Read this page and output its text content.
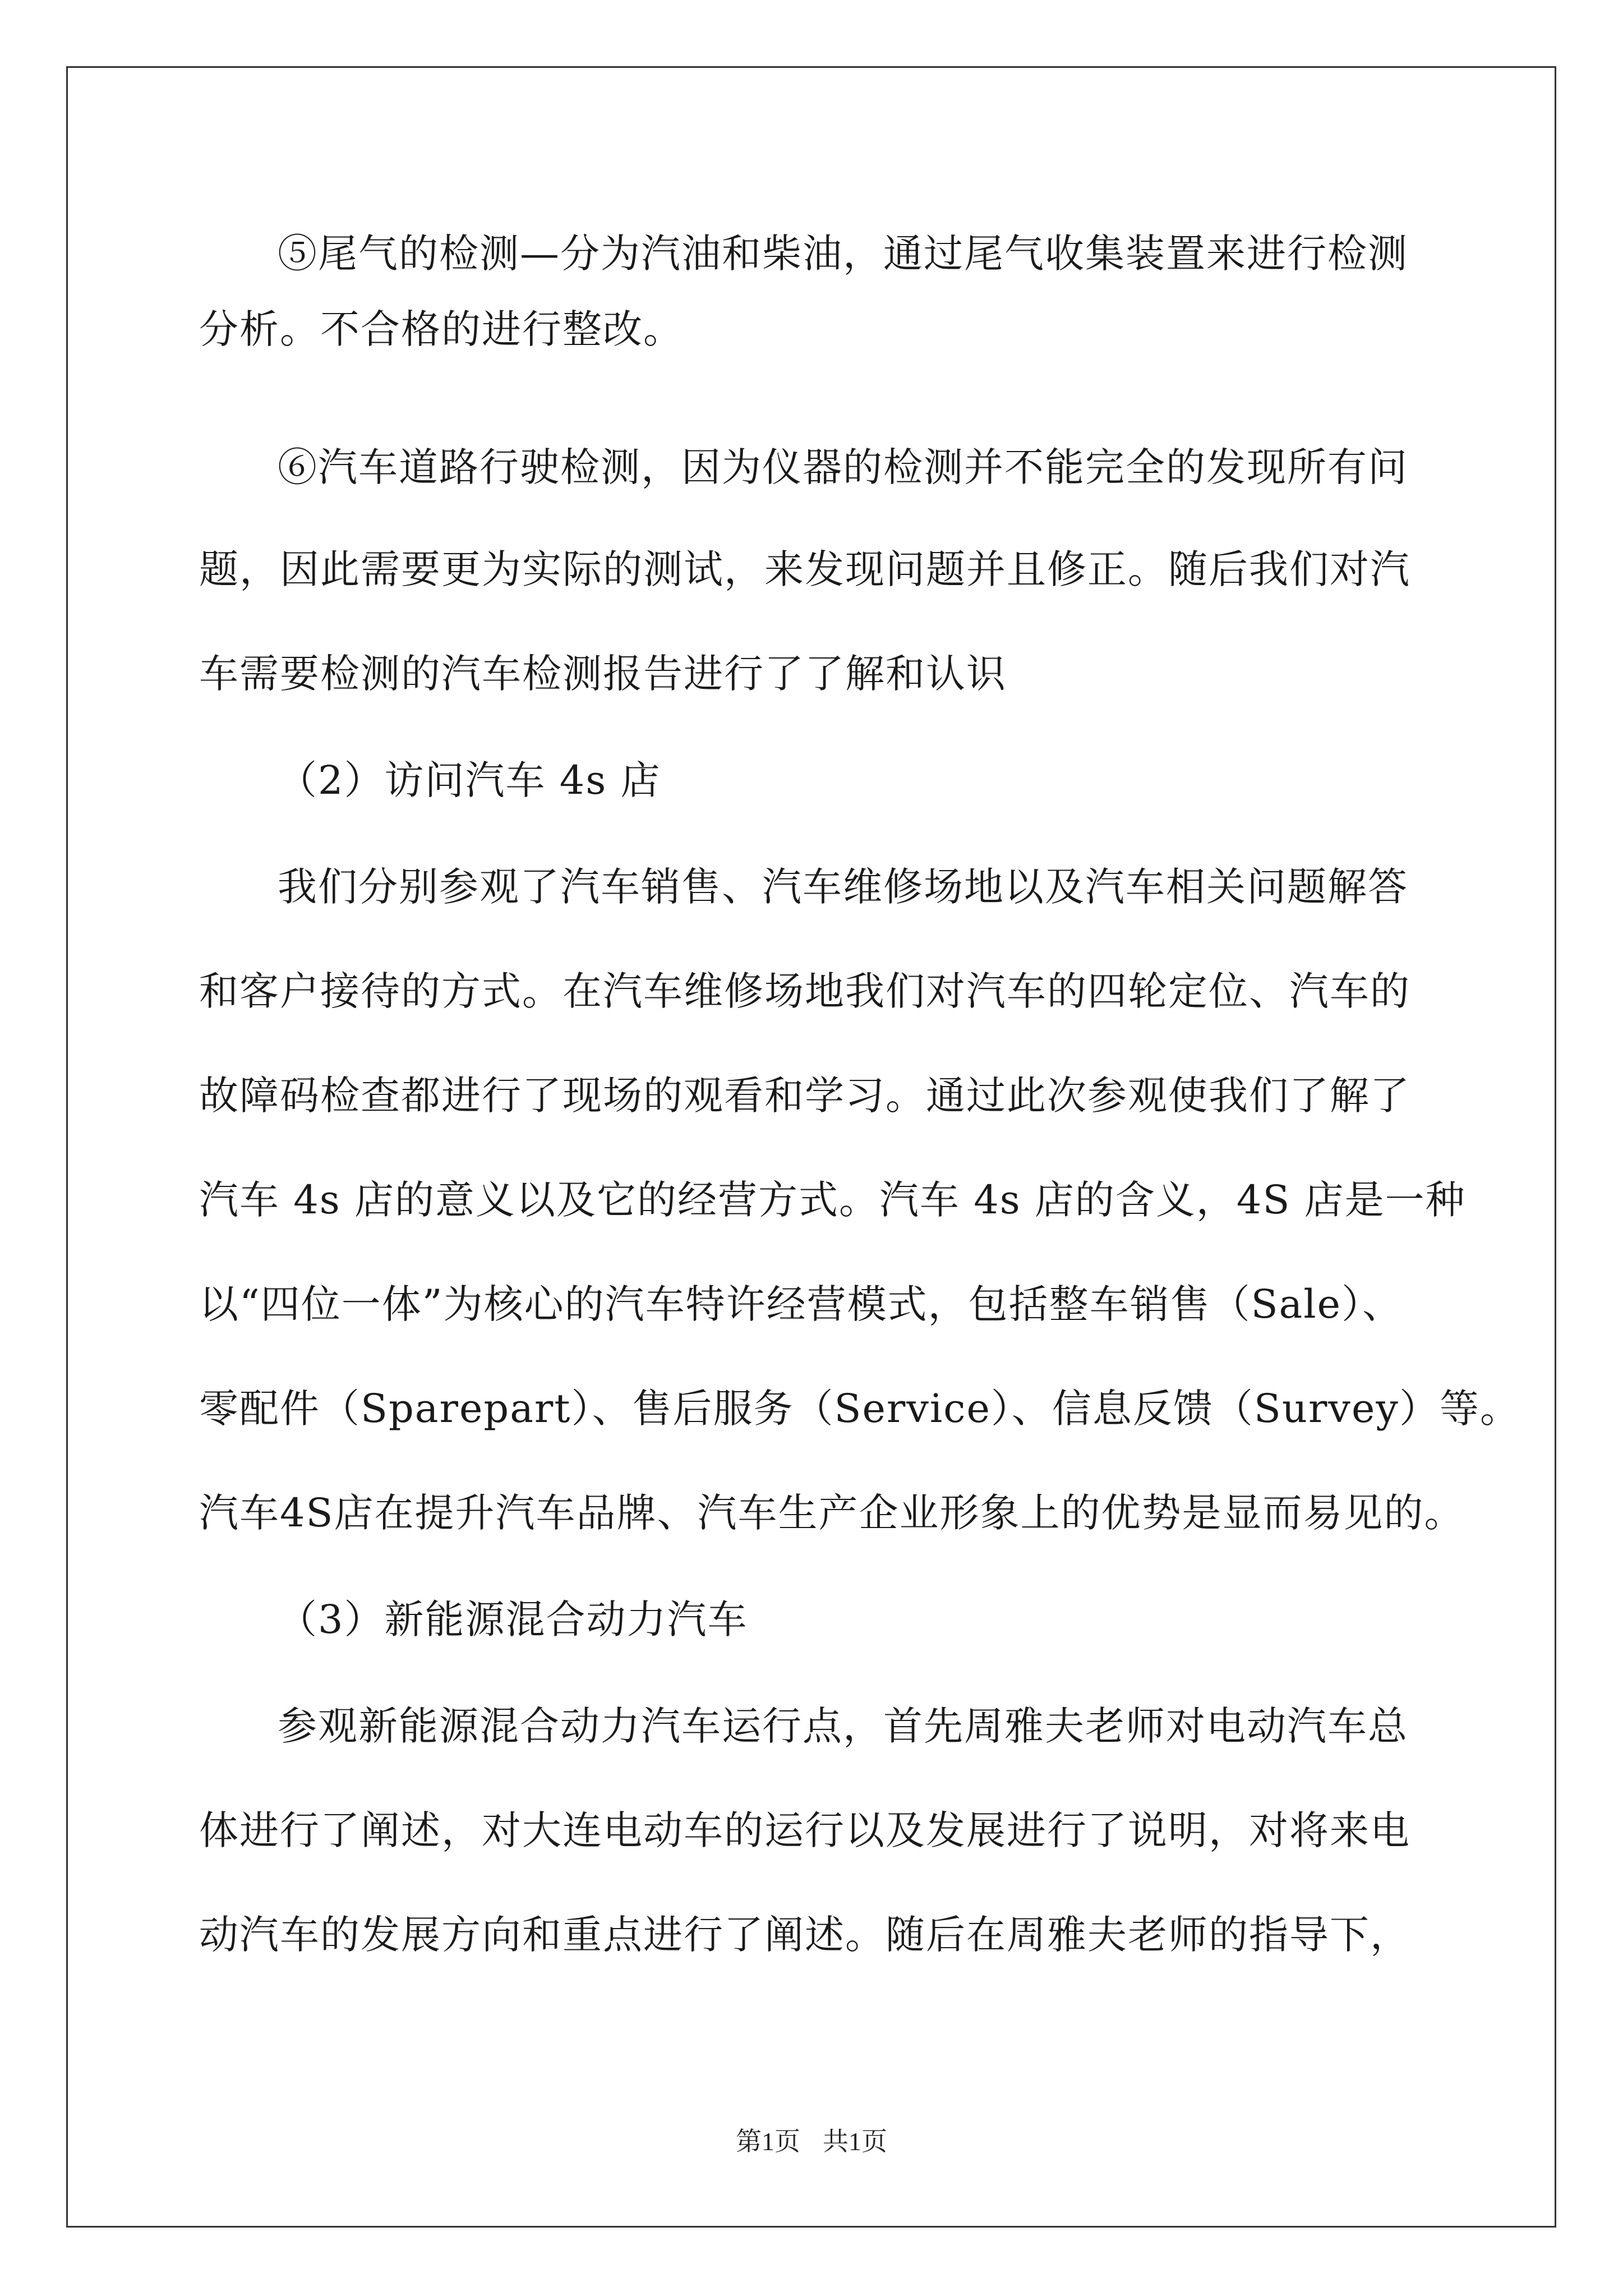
⑤尾气的检测—分为汽油和柴油，通过尾气收集装置来进行检测

分析。不合格的进行整改。

⑥汽车道路行驶检测，因为仪器的检测并不能完全的发现所有问

题，因此需要更为实际的测试，来发现问题并且修正。随后我们对汽

车需要检测的汽车检测报告进行了了解和认识

（2）访问汽车 4s 店

我们分别参观了汽车销售、汽车维修场地以及汽车相关问题解答

和客户接待的方式。在汽车维修场地我们对汽车的四轮定位、汽车的

故障码检查都进行了现场的观看和学习。通过此次参观使我们了解了

汽车 4s 店的意义以及它的经营方式。汽车 4s 店的含义，4S 店是一种

以“四位一体”为核心的汽车特许经营模式，包括整车销售（Sale）、

零配件（Sparepart）、售后服务（Service）、信息反馈（Survey）等。

汽车4S店在提升汽车品牌、汽车生产企业形象上的优势是显而易见的。

（3）新能源混合动力汽车

参观新能源混合动力汽车运行点，首先周雅夫老师对电动汽车总

体进行了阐述，对大连电动车的运行以及发展进行了说明，对将来电

动汽车的发展方向和重点进行了阐述。随后在周雅夫老师的指导下，

第1页 共1页
